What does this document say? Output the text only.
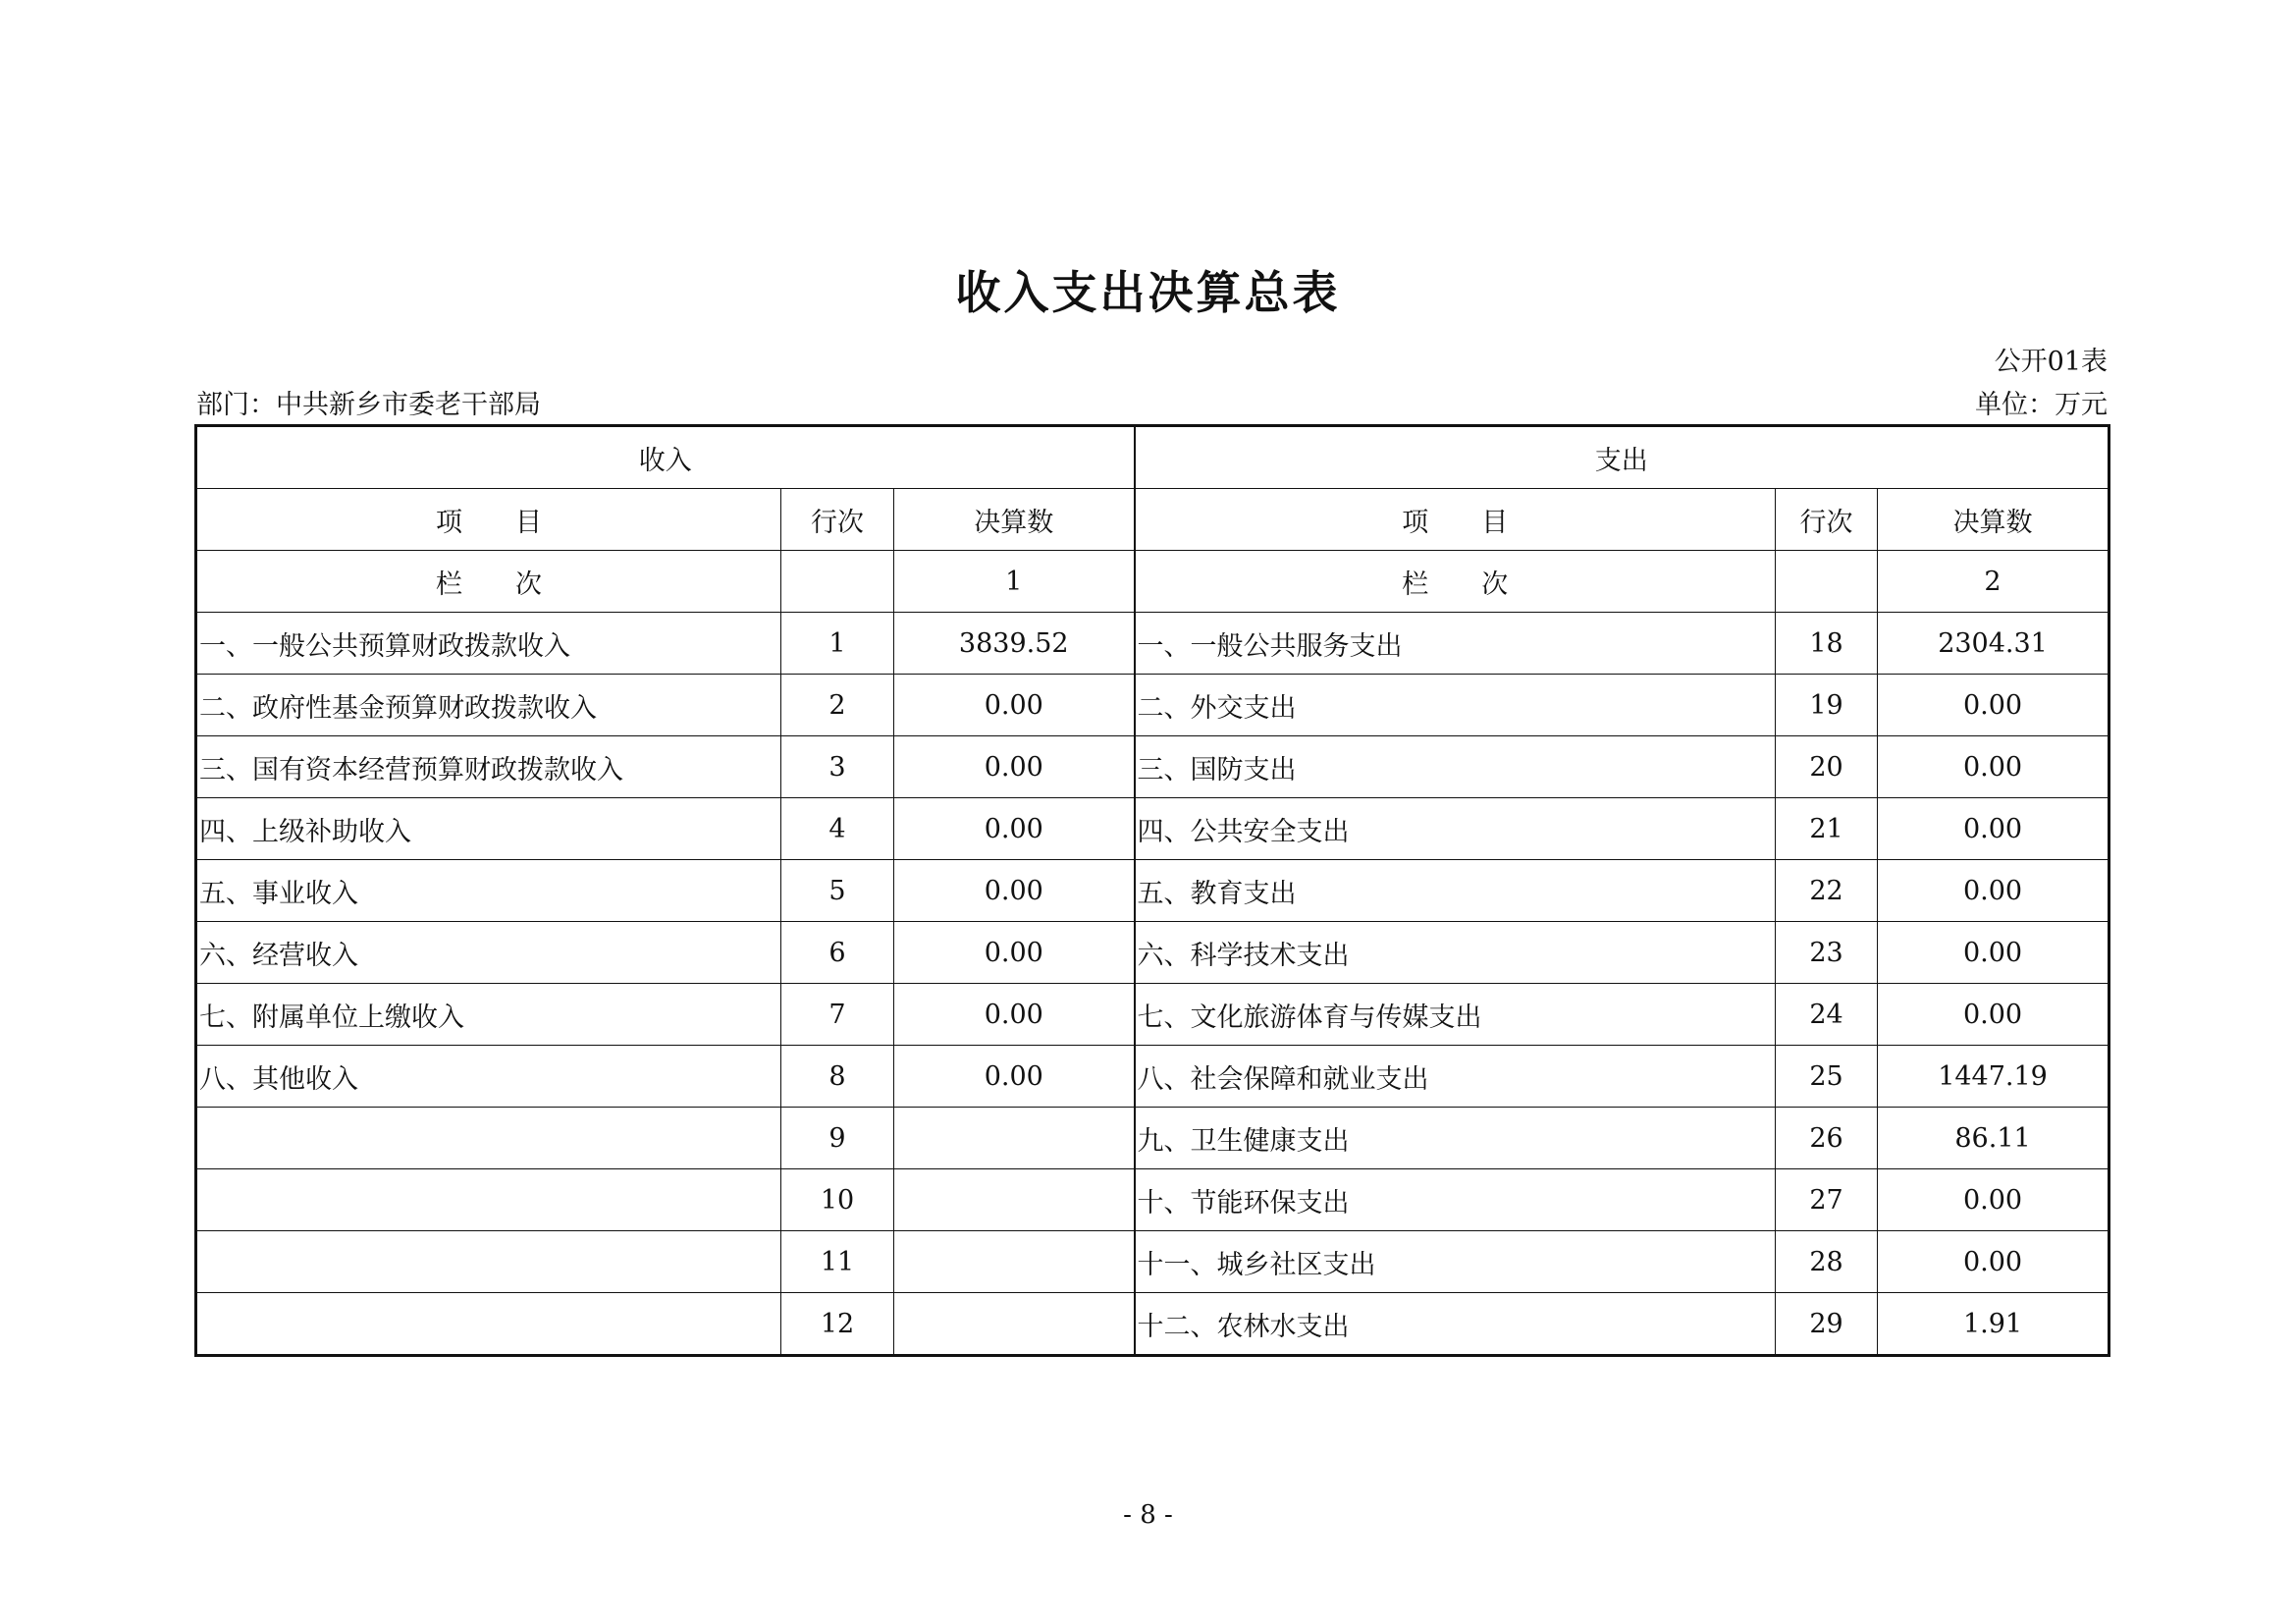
收入支出决算总表
公开01表
部门：中共新乡市委老干部局	单位：万元
收入			支出		
项　　目	行次	决算数	项　　目	行次	决算数
栏　　次		1	栏　　次		2
一、一般公共预算财政拨款收入	1	3839.52	一、一般公共服务支出	18	2304.31
二、政府性基金预算财政拨款收入	2	0.00	二、外交支出	19	0.00
三、国有资本经营预算财政拨款收入	3	0.00	三、国防支出	20	0.00
四、上级补助收入	4	0.00	四、公共安全支出	21	0.00
五、事业收入	5	0.00	五、教育支出	22	0.00
六、经营收入	6	0.00	六、科学技术支出	23	0.00
七、附属单位上缴收入	7	0.00	七、文化旅游体育与传媒支出	24	0.00
八、其他收入	8	0.00	八、社会保障和就业支出	25	1447.19
	9		九、卫生健康支出	26	86.11
	10		十、节能环保支出	27	0.00
	11		十一、城乡社区支出	28	0.00
	12		十二、农林水支出	29	1.91
- 8 -
